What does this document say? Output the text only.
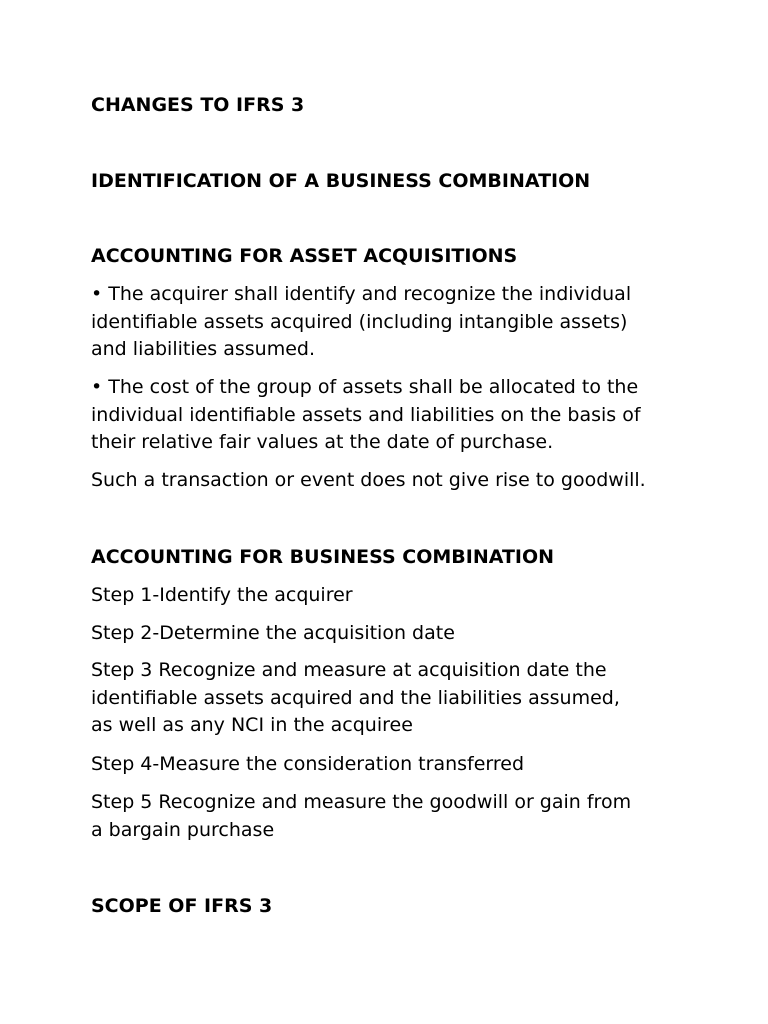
CHANGES TO IFRS 3
IDENTIFICATION OF A BUSINESS COMBINATION
ACCOUNTING FOR ASSET ACQUISITIONS
• The acquirer shall identify and recognize the individual
identifiable assets acquired (including intangible assets)
and liabilities assumed.
• The cost of the group of assets shall be allocated to the
individual identifiable assets and liabilities on the basis of
their relative fair values at the date of purchase.
Such a transaction or event does not give rise to goodwill.
ACCOUNTING FOR BUSINESS COMBINATION
Step 1-Identify the acquirer
Step 2-Determine the acquisition date
Step 3 Recognize and measure at acquisition date the
identifiable assets acquired and the liabilities assumed,
as well as any NCI in the acquiree
Step 4-Measure the consideration transferred
Step 5 Recognize and measure the goodwill or gain from
a bargain purchase
SCOPE OF IFRS 3
